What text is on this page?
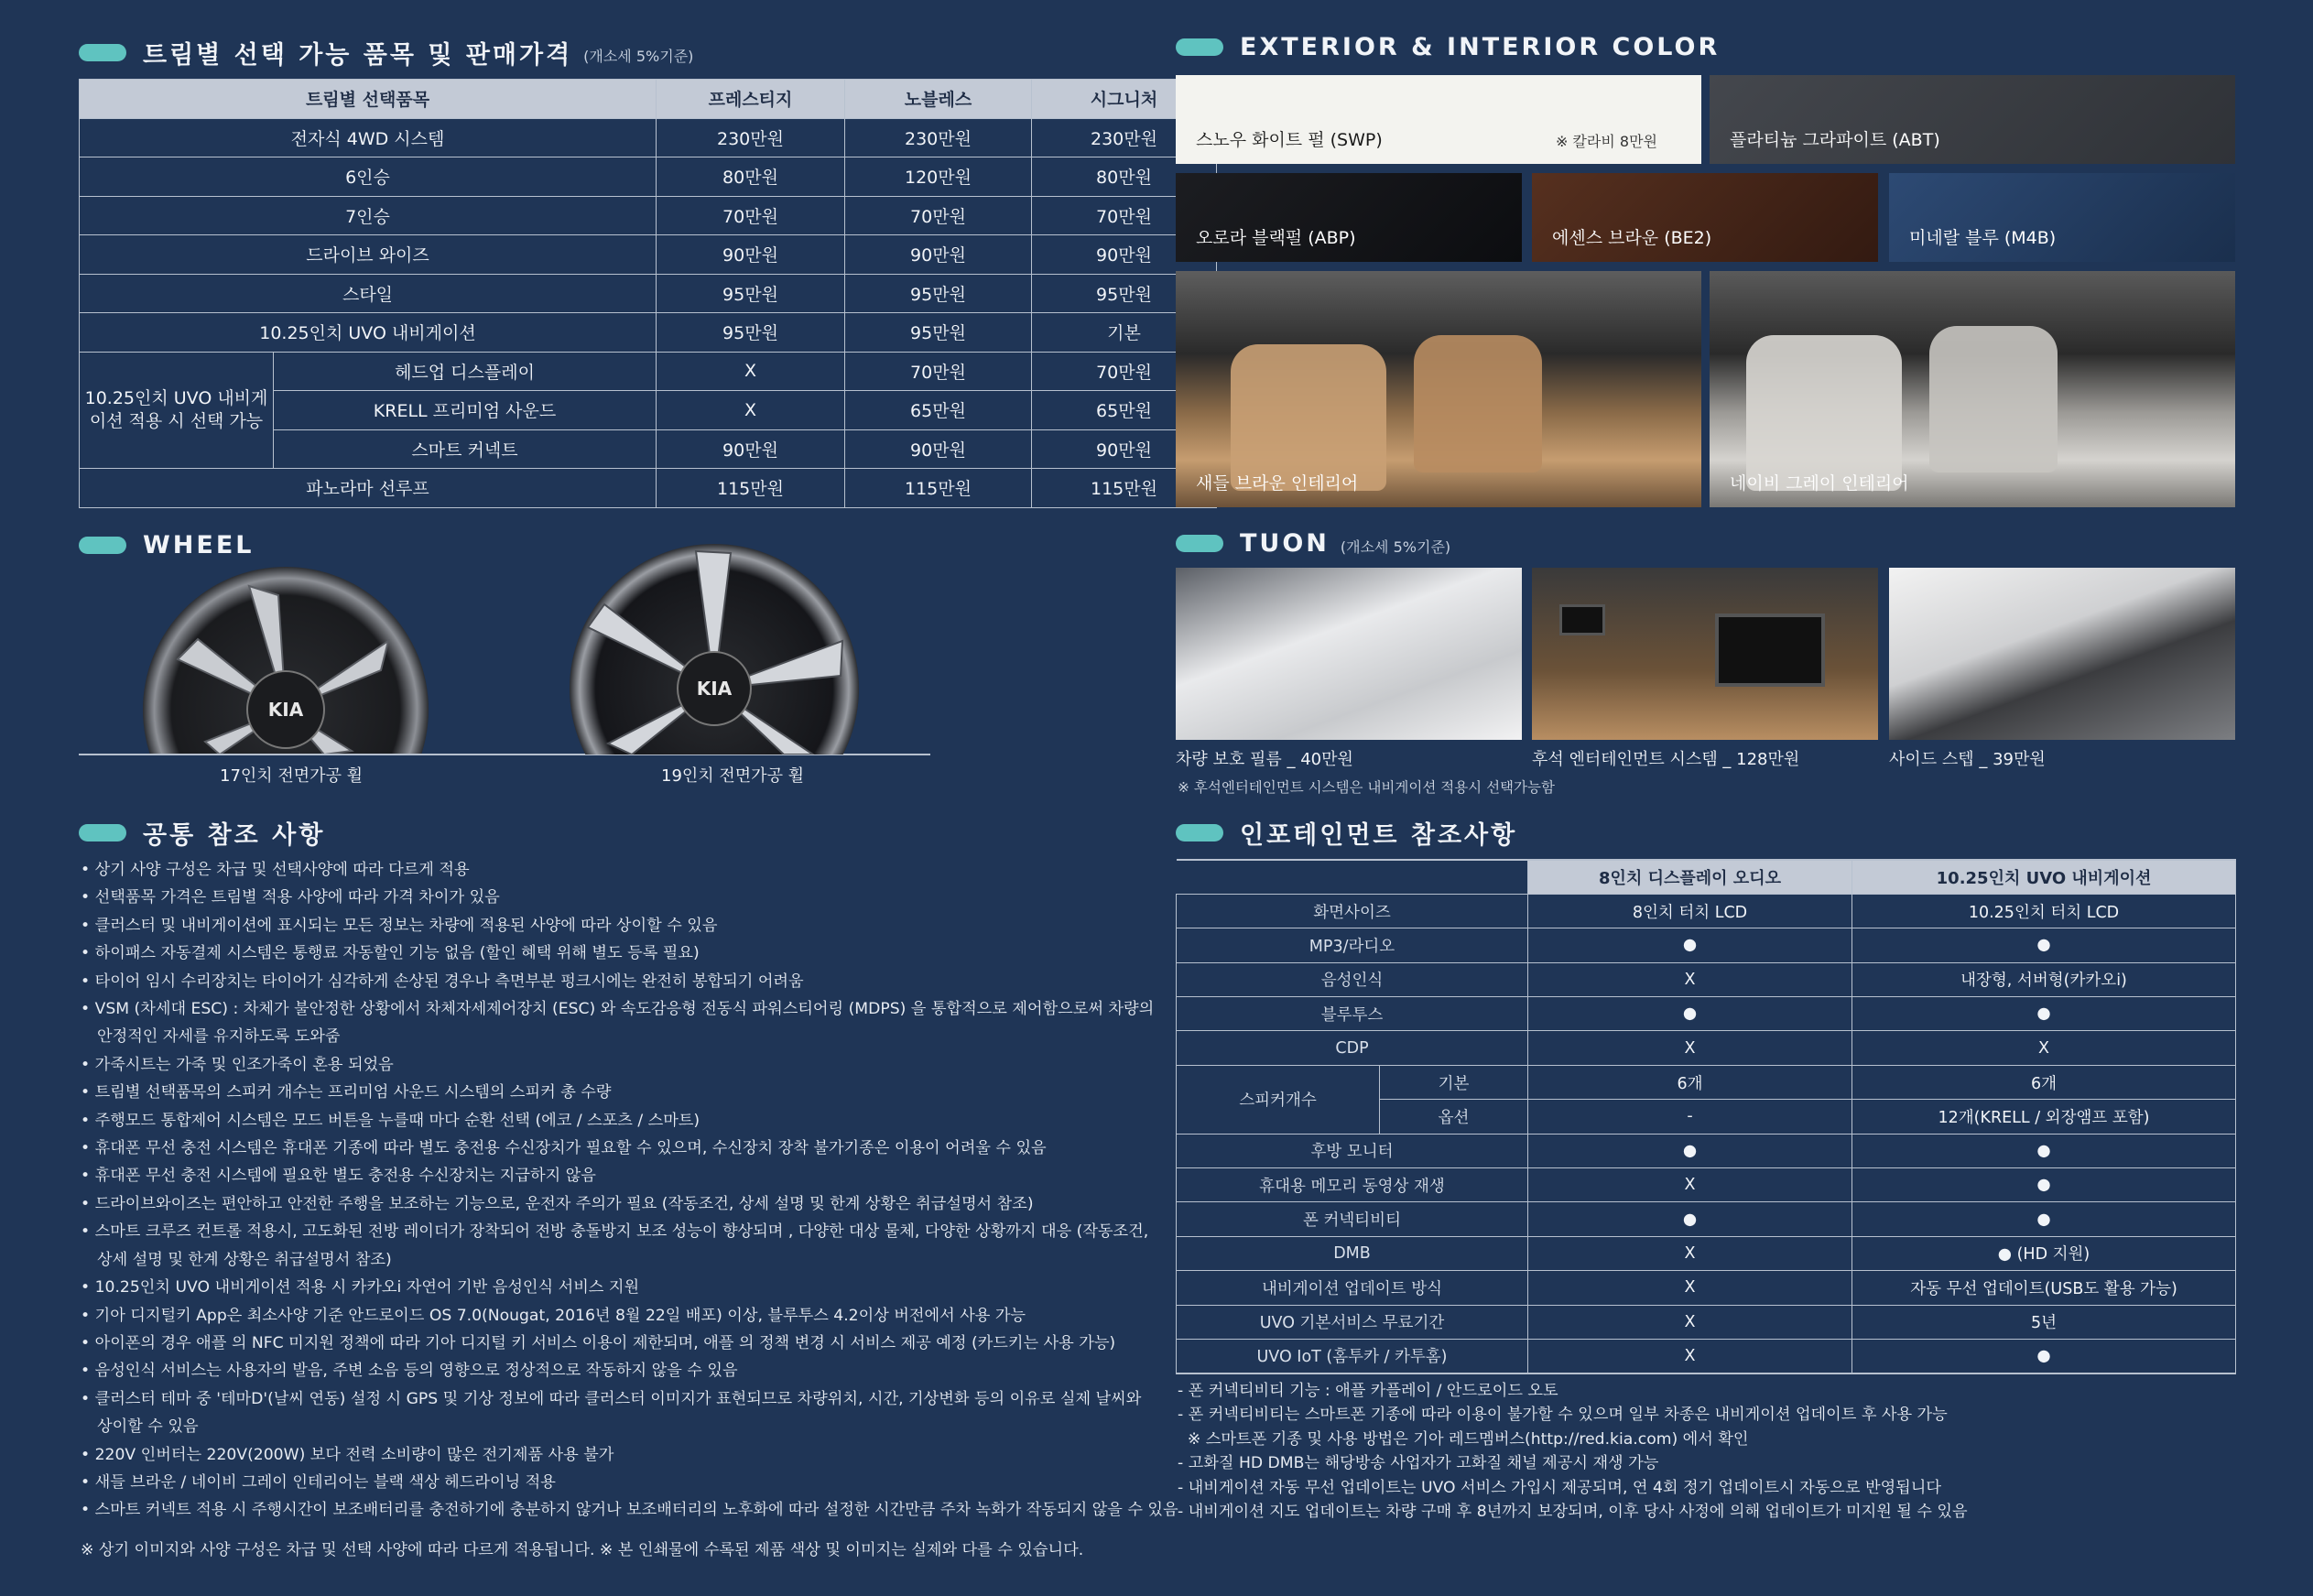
트림별 선택 가능 품목 및 판매가격 (개소세 5%기준)
트림별 선택품목		프레스티지	노블레스	시그니처
전자식 4WD 시스템		230만원	230만원	230만원
6인승		80만원	120만원	80만원
7인승		70만원	70만원	70만원
드라이브 와이즈		90만원	90만원	90만원
스타일		95만원	95만원	95만원
10.25인치 UVO 내비게이션		95만원	95만원	기본
10.25인치 UVO 내비게이션 적용 시 선택 가능	헤드업 디스플레이	X	70만원	70만원
	KRELL 프리미엄 사운드	X	65만원	65만원
	스마트 커넥트	90만원	90만원	90만원
파노라마 선루프		115만원	115만원	115만원
WHEEL
KIA
17인치 전면가공 휠
KIA
19인치 전면가공 휠
공통 참조 사항
• 상기 사양 구성은 차급 및 선택사양에 따라 다르게 적용
• 선택품목 가격은 트림별 적용 사양에 따라 가격 차이가 있음
• 클러스터 및 내비게이션에 표시되는 모든 정보는 차량에 적용된 사양에 따라 상이할 수 있음
• 하이패스 자동결제 시스템은 통행료 자동할인 기능 없음 (할인 혜택 위해 별도 등록 필요)
• 타이어 임시 수리장치는 타이어가 심각하게 손상된 경우나 측면부분 펑크시에는 완전히 봉합되기 어려움
• VSM (차세대 ESC) : 차체가 불안정한 상황에서 차체자세제어장치 (ESC) 와 속도감응형 전동식 파워스티어링 (MDPS) 을 통합적으로 제어함으로써 차량의
안정적인 자세를 유지하도록 도와줌
• 가죽시트는 가죽 및 인조가죽이 혼용 되었음
• 트림별 선택품목의 스피커 개수는 프리미엄 사운드 시스템의 스피커 총 수량
• 주행모드 통합제어 시스템은 모드 버튼을 누를때 마다 순환 선택 (에코 / 스포츠 / 스마트)
• 휴대폰 무선 충전 시스템은 휴대폰 기종에 따라 별도 충전용 수신장치가 필요할 수 있으며, 수신장치 장착 불가기종은 이용이 어려울 수 있음
• 휴대폰 무선 충전 시스템에 필요한 별도 충전용 수신장치는 지급하지 않음
• 드라이브와이즈는 편안하고 안전한 주행을 보조하는 기능으로, 운전자 주의가 필요 (작동조건, 상세 설명 및 한계 상황은 취급설명서 참조)
• 스마트 크루즈 컨트롤 적용시, 고도화된 전방 레이더가 장착되어 전방 충돌방지 보조 성능이 향상되며 , 다양한 대상 물체, 다양한 상황까지 대응 (작동조건,
상세 설명 및 한계 상황은 취급설명서 참조)
• 10.25인치 UVO 내비게이션 적용 시 카카오i 자연어 기반 음성인식 서비스 지원
• 기아 디지털키 App은 최소사양 기준 안드로이드 OS 7.0(Nougat, 2016년 8월 22일 배포) 이상, 블루투스 4.2이상 버전에서 사용 가능
• 아이폰의 경우 애플 의 NFC 미지원 정책에 따라 기아 디지털 키 서비스 이용이 제한되며, 애플 의 정책 변경 시 서비스 제공 예정 (카드키는 사용 가능)
• 음성인식 서비스는 사용자의 발음, 주변 소음 등의 영향으로 정상적으로 작동하지 않을 수 있음
• 클러스터 테마 중 '테마D'(날씨 연동) 설정 시 GPS 및 기상 정보에 따라 클러스터 이미지가 표현되므로 차량위치, 시간, 기상변화 등의 이유로 실제 날씨와
상이할 수 있음
• 220V 인버터는 220V(200W) 보다 전력 소비량이 많은 전기제품 사용 불가
• 새들 브라운 / 네이비 그레이 인테리어는 블랙 색상 헤드라이닝 적용
• 스마트 커넥트 적용 시 주행시간이 보조배터리를 충전하기에 충분하지 않거나 보조배터리의 노후화에 따라 설정한 시간만큼 주차 녹화가 작동되지 않을 수 있음
※ 상기 이미지와 사양 구성은 차급 및 선택 사양에 따라 다르게 적용됩니다. ※ 본 인쇄물에 수록된 제품 색상 및 이미지는 실제와 다를 수 있습니다.
EXTERIOR & INTERIOR COLOR
스노우 화이트 펄 (SWP)	※ 칼라비 8만원	플라티늄 그라파이트 (ABT)
오로라 블랙펄 (ABP)	에센스 브라운 (BE2)	미네랄 블루 (M4B)
새들 브라운 인테리어	네이비 그레이 인테리어
TUON (개소세 5%기준)
차량 보호 필름 _ 40만원	후석 엔터테인먼트 시스템 _ 128만원	사이드 스텝 _ 39만원
※ 후석엔터테인먼트 시스템은 내비게이션 적용시 선택가능함
인포테인먼트 참조사항
		8인치 디스플레이 오디오	10.25인치 UVO 내비게이션
화면사이즈		8인치 터치 LCD	10.25인치 터치 LCD
MP3/라디오		●	●
음성인식		X	내장형, 서버형(카카오i)
블루투스		●	●
CDP		X	X
스피커개수	기본	6개	6개
	옵션	-	12개(KRELL / 외장앰프 포함)
후방 모니터		●	●
휴대용 메모리 동영상 재생		X	●
폰 커넥티비티		●	●
DMB		X	● (HD 지원)
내비게이션 업데이트 방식		X	자동 무선 업데이트(USB도 활용 가능)
UVO 기본서비스 무료기간		X	5년
UVO IoT (홈투카 / 카투홈)		X	●
- 폰 커넥티비티 기능 : 애플 카플레이 / 안드로이드 오토
- 폰 커넥티비티는 스마트폰 기종에 따라 이용이 불가할 수 있으며 일부 차종은 내비게이션 업데이트 후 사용 가능
※ 스마트폰 기종 및 사용 방법은 기아 레드멤버스(http://red.kia.com) 에서 확인
- 고화질 HD DMB는 해당방송 사업자가 고화질 채널 제공시 재생 가능
- 내비게이션 자동 무선 업데이트는 UVO 서비스 가입시 제공되며, 연 4회 정기 업데이트시 자동으로 반영됩니다
- 내비게이션 지도 업데이트는 차량 구매 후 8년까지 보장되며, 이후 당사 사정에 의해 업데이트가 미지원 될 수 있음
